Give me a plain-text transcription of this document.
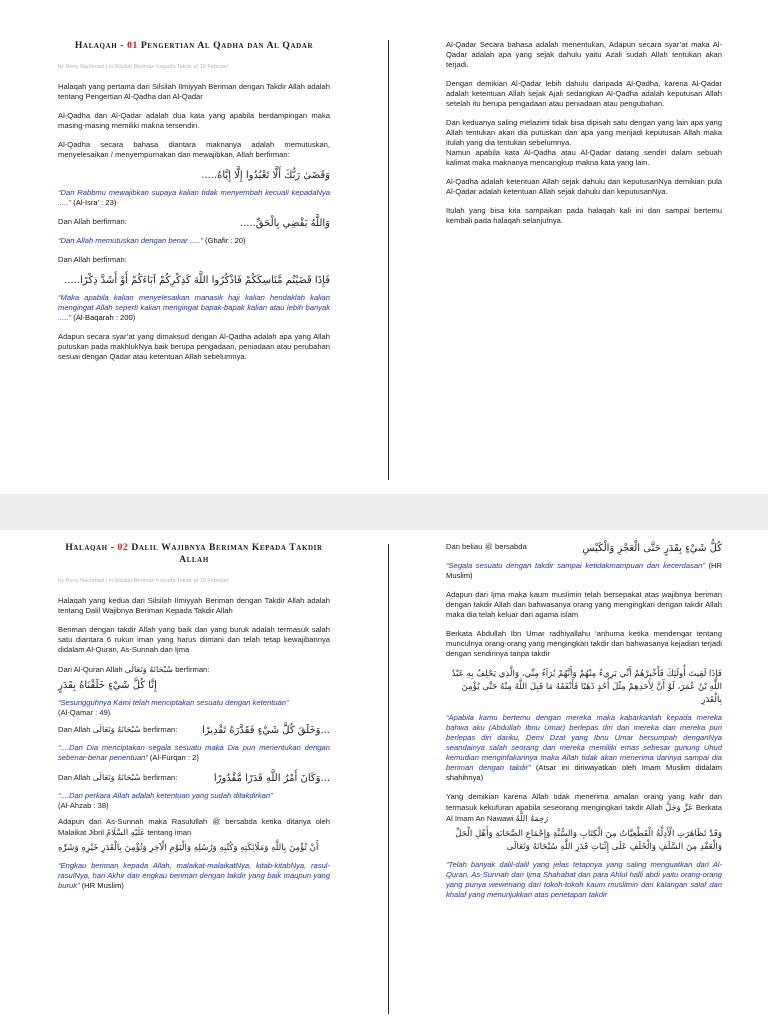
Halaqah - 01 Pengertian Al Qadha dan Al Qadar
by Rony Nachmad | in Silsilah Beriman Kepada Takdir at 18 Februari

Halaqah yang pertama dari Silsilah Ilmiyyah Beriman dengan Takdir Allah adalah tentang Pengertian Al-Qadha dan Al-Qadar

Al-Qadha dan Al-Qadar adalah dua kata yang apabila berdampingan maka masing-masing memiliki makna tersendiri.

Al-Qadha secara bahasa diantara maknanya adalah memutuskan, menyelesaikan / menyempurnakan dan mewajibkan, Allah berfirman:

وَقَضَىٰ رَبُّكَ أَلَّا تَعْبُدُوا إِلَّا إِيَّاهُ.....

“Dan Rabbmu mewajibkan supaya kalian tidak menyembah kecuali kepadaNya .....” (Al-Isra’ : 23)

Dan Allah berfirman:	وَاللَّهُ يَقْضِي بِالْحَقِّ.....

“Dan Allah memutuskan dengan benar .....” (Ghafir : 20)

Dan Allah berfirman:

فَإِذَا قَضَيْتُم مَّنَاسِكَكُمْ فَاذْكُرُوا اللَّهَ كَذِكْرِكُمْ آبَاءَكُمْ أَوْ أَشَدَّ ذِكْرًا.....

“Maka apabila kalian menyelesaikan manasik haji kalian hendaklah kalian mengingat Allah seperti kalian mengingat bapak-bapak kalian atau lebih banyak .....” (Al-Baqarah : 200)

Adapun secara syar’at yang dimaksud dengan Al-Qadha adalah apa yang Allah putuskan pada makhlukNya baik berupa pengadaan, peniadaan atau perubahan sesuai dengan Qadar atau ketentuan Allah sebelumnya.

Al-Qadar Secara bahasa adalah menentukan, Adapun secara syar’at maka Al-Qadar adalah apa yang sejak dahulu yaitu Azali sudah Allah tentukan akan terjadi.

Dengan demikian Al-Qadar lebih dahulu daripada Al-Qadha, karena Al-Qadar adalah ketentuan Allah sejak Ajali sedangkan Al-Qadha adalah keputusan Allah setelah itu berupa pengadaan atau peniadaan atau pengubahan.

Dan keduanya saling melazimi tidak bisa dipisah satu dengan yang lain apa yang Allah tentukan akan dia putuskan dan apa yang menjadi keputusan Allah maka itulah yang dia tentukan sebelumnya.

Namun apabila kata Al-Qadha atau Al-Qadar datang sendiri dalam sebuah kalimat maka maknanya mencangkup makna kata yang lain.

Al-Qadha adalah ketentuan Allah sejak dahulu dan keputusanNya demikian pula Al-Qadar adalah ketentuan Allah sejak dahulu dan keputusanNya.

Itulah yang bisa kita sampaikan pada halaqah kali ini dan sampai bertemu kembali pada halaqah selanjutnya.

Halaqah - 02 Dalil Wajibnya Beriman Kepada Takdir Allah
by Rony Nachmad | in Silsilah Beriman Kepada Takdir at 19 Februari

Halaqah yang kedua dari Silsilah Ilmiyyah Beriman dengan Takdir Allah adalah tentang Dalil Wajibnya Beriman Kepada Takdir Allah

Beriman dengan takdir Allah yang baik dan yang buruk adalah termasuk salah satu diantara 6 rukun iman yang harus diimani dan telah tetap kewajibannya didalam Al-Quran, As-Sunnah dan Ijma

Dari Al-Quran Allah سُبْحَانَهُ وَتَعَالَى berfirman:

إِنَّا كُلَّ شَيْءٍ خَلَقْنَاهُ بِقَدَرٍ

“Sesungguhnya Kami telah menciptakan sesuatu dengan ketentuan”
(Al-Qamar : 49)

Dan Allah سُبْحَانَهُ وَتَعَالَى berfirman: ...وَخَلَقَ كُلَّ شَيْءٍ فَقَدَّرَهُ تَقْدِيرًا

“....Dan Dia menciptakan segala sesuatu maka Dia pun menentukan dengan sebenar-benar penentuan” (Al-Furqan : 2)

Dan Allah سُبْحَانَهُ وَتَعَالَى berfirman:	...وَكَانَ أَمْرُ اللَّهِ قَدَرًا مَّقْدُورًا

“....Dan perkara Allah adalah ketentuan yang sudah ditakdirkan”
(Al-Ahzab : 38)

Adapun dari As-Sunnah maka Rasulullah ﷺ bersabda ketika ditanya oleh Malaikat Jibril عَلَيْهِ السَّلَامُ tentang iman

أَنْ تُؤْمِنَ بِاللَّهِ وَمَلَائِكَتِهِ وَكُتُبِهِ وَرُسُلِهِ وَالْيَوْمِ الْآخِرِ وَتُؤْمِنَ بِالْقَدَرِ خَيْرِهِ وَشَرِّهِ

“Engkau beriman kepada Allah, malaikat-malaikatNya, kitab-kitabNya, rasul-rasulNya, hari Akhir dan engkau beriman dengan takdir yang baik maupun yang buruk” (HR Muslim)

Dan beliau ﷺ bersabda	كُلُّ شَيْءٍ بِقَدَرٍ حَتَّى الْعَجْزِ وَالْكَيْسِ

“Segala sesuatu dengan takdir sampai ketidakmampuan dan kecerdasan” (HR Muslim)

Adapun dari Ijma maka kaum muslimin telah bersepakat atas wajibnya beriman dengan takdir Allah dan bahwasanya orang yang mengingkari dengan takdir Allah maka dia telah keluar dari agama islam

Berkata Abdullah Ibn Umar radhiyallahu ‘anhuma ketika mendengar tentang munculnya orang-orang yang mengingkari takdir dan bahwasanya kejadian terjadi dengan sendirinya tanpa takdir

فَإِذَا لَقِيتَ أُولَئِكَ فَأَخْبِرْهُمْ أَنِّي بَرِيءٌ مِنْهُمْ وَأَنَّهُمْ بُرَآءُ مِنِّي، وَالَّذِي يَحْلِفُ بِهِ عَبْدُ اللَّهِ بْنُ عُمَرَ، لَوْ أَنَّ لِأَحَدِهِمْ مِثْلَ أُحُدٍ ذَهَبًا فَأَنْفَقَهُ مَا قَبِلَ اللَّهُ مِنْهُ حَتَّى يُؤْمِنَ بِالْقَدَرِ

“Apabila kamu bertemu dengan mereka maka kabarkanlah kepada mereka bahwa aku (Abdullah Ibnu Umar) berlepas diri dari mereka dan mereka pun berlepas diri dariku, Demi Dzat yang Ibnu Umar bersumpah denganNya seandainya salah seorang dari mereka memiliki emas sebesar gunung Uhud kemudian menginfakannya maka Allah tidak akan menerima darinya sampai dia beriman dengan takdir” (Atsar ini diriwayatkan oleh Imam Muslim didalam shahihnya)

Yang demikian karena Allah tidak menerima amalan orang yang kafir dan termasuk kekufuran apabila seseorang mengingkari takdir Allah عَزَّ وَجَلَّ Berkata Al Imam An Nawawi رَحِمَهُ اللَّهُ

وَقَدْ تَظَاهَرَتِ الْأَدِلَّةُ الْقَطْعِيَّاتُ مِنَ الْكِتَابِ وَالسُّنَّةِ وَإِجْمَاعِ الصَّحَابَةِ وَأَهْلِ الْحَلِّ وَالْعَقْدِ مِنَ السَّلَفِ وَالْخَلَفِ عَلَى إِثْبَاتِ قَدَرِ اللَّهِ سُبْحَانَهُ وَتَعَالَى

“Telah banyak dalil-dalil yang jelas tetapnya yang saling menguatkan dari Al-Quran, As-Sunnah dan Ijma Shahabat dan para Ahlul halli abdi yaitu orang-orang yang punya wewenang dari tokoh-tokoh kaum muslimin dari kalangan salaf dan khalaf yang menunjukkan atas penetapan takdir
